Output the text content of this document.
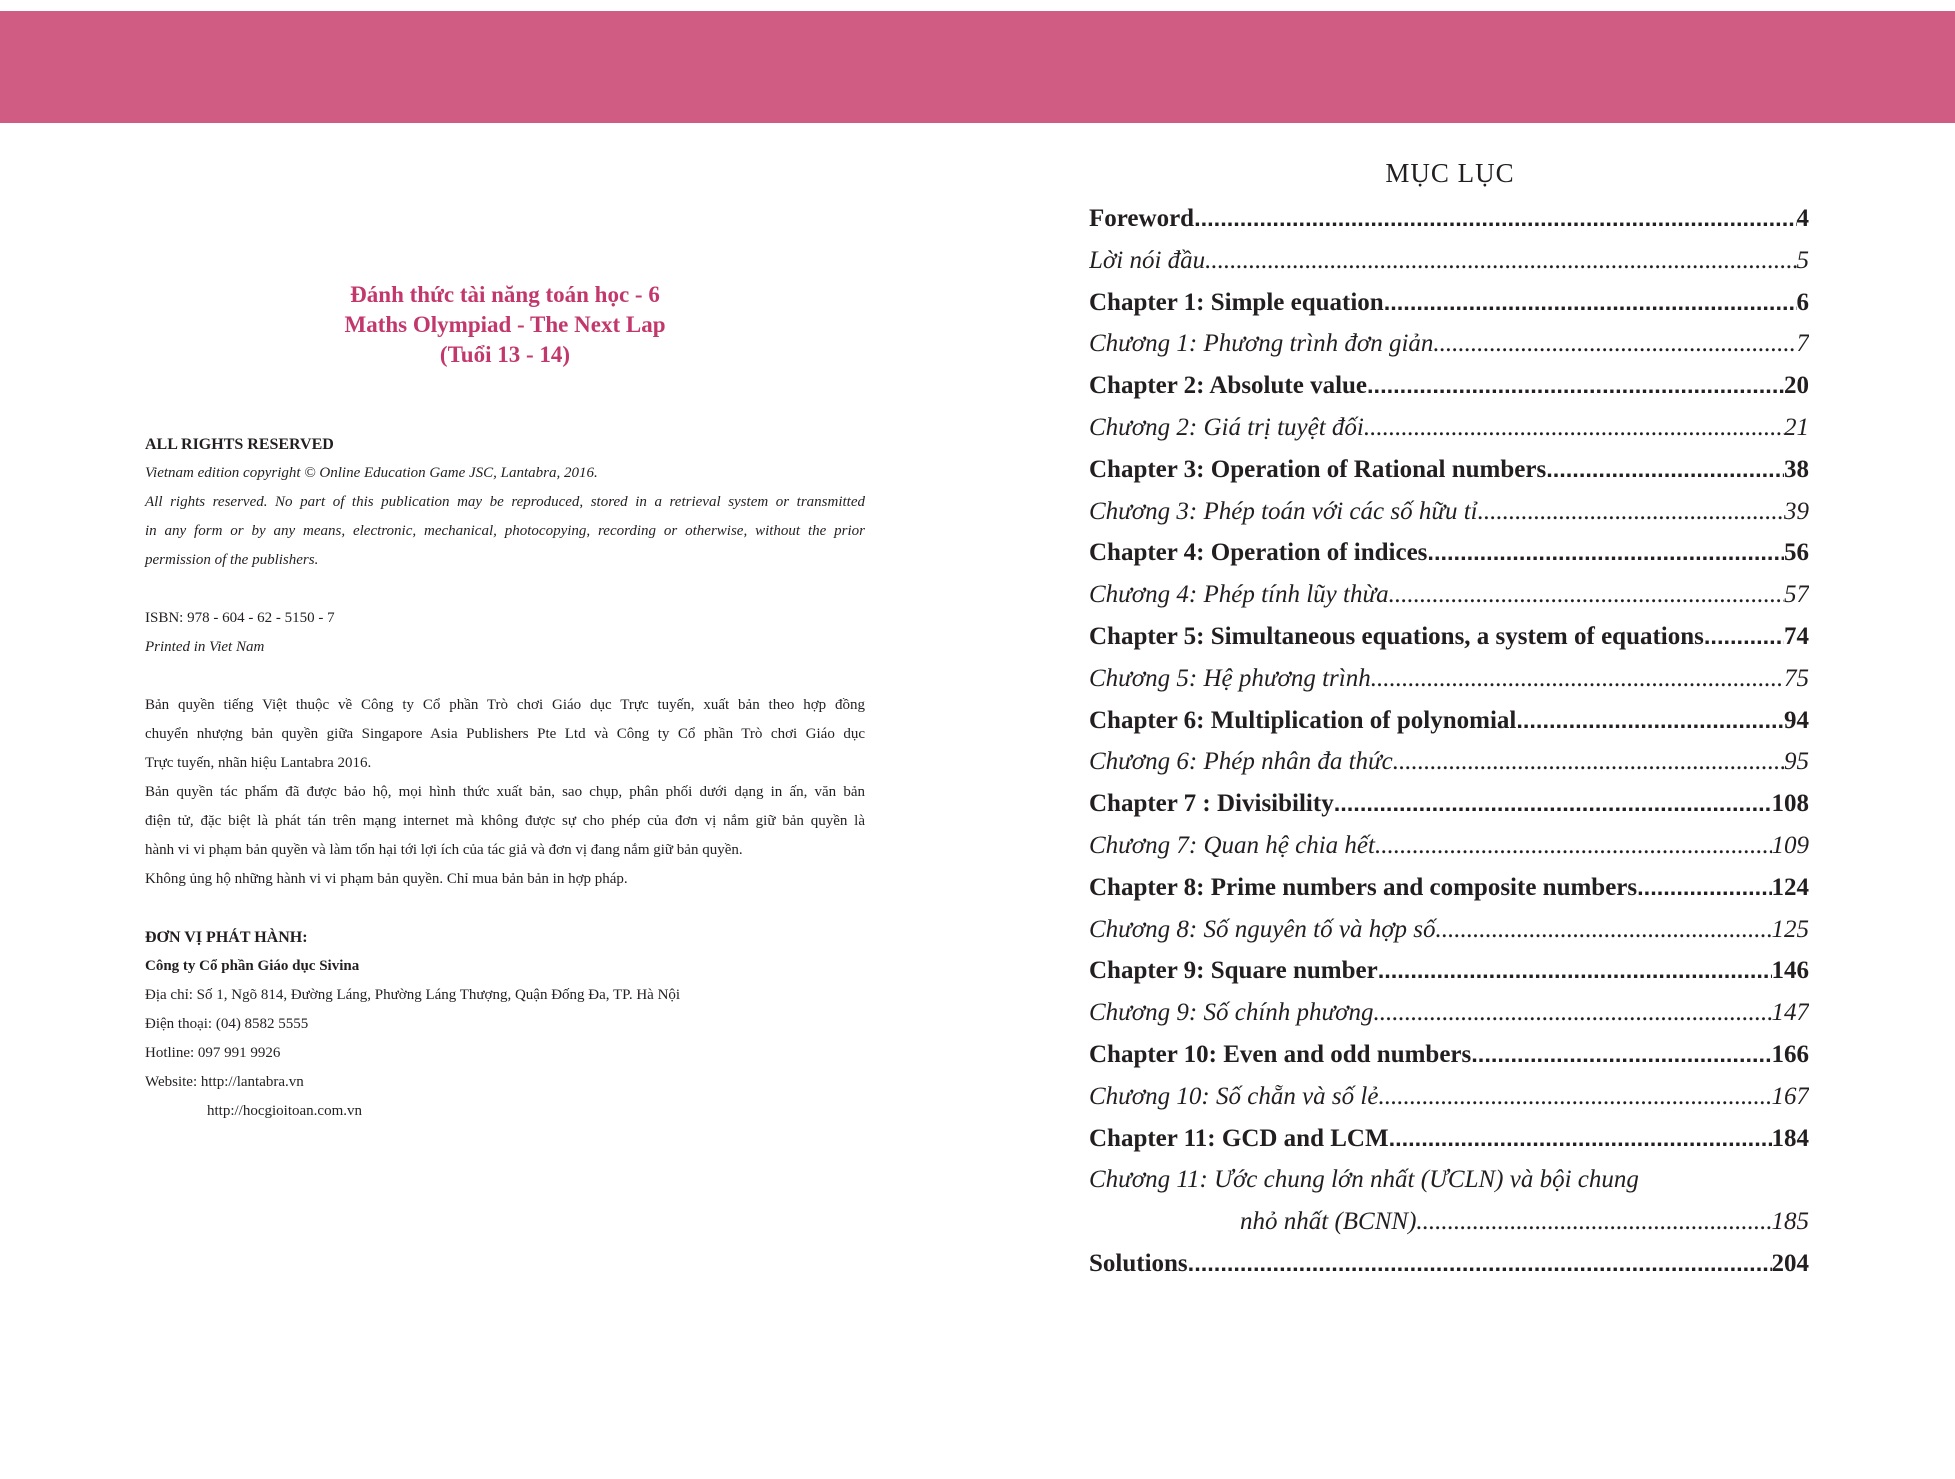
Đánh thức tài năng toán học - 6
Maths Olympiad - The Next Lap
(Tuổi 13 - 14)
ALL RIGHTS RESERVED
Vietnam edition copyright © Online Education Game JSC, Lantabra, 2016.
All rights reserved. No part of this publication may be reproduced, stored in a retrieval system or transmitted
in any form or by any means, electronic, mechanical, photocopying, recording or otherwise, without the prior
permission of the publishers.
ISBN: 978 - 604 - 62 - 5150 - 7
Printed in Viet Nam
Bản quyền tiếng Việt thuộc về Công ty Cổ phần Trò chơi Giáo dục Trực tuyến, xuất bản theo hợp đồng
chuyển nhượng bản quyền giữa Singapore Asia Publishers Pte Ltd và Công ty Cổ phần Trò chơi Giáo dục
Trực tuyến, nhãn hiệu Lantabra 2016.
Bản quyền tác phẩm đã được bảo hộ, mọi hình thức xuất bản, sao chụp, phân phối dưới dạng in ấn, văn bản
điện tử, đặc biệt là phát tán trên mạng internet mà không được sự cho phép của đơn vị nắm giữ bản quyền là
hành vi vi phạm bản quyền và làm tổn hại tới lợi ích của tác giả và đơn vị đang nắm giữ bản quyền.
Không ủng hộ những hành vi vi phạm bản quyền. Chỉ mua bản bản in hợp pháp.
ĐƠN VỊ PHÁT HÀNH:
Công ty Cổ phần Giáo dục Sivina
Địa chỉ: Số 1, Ngõ 814, Đường Láng, Phường Láng Thượng, Quận Đống Đa, TP. Hà Nội
Điện thoại: (04) 8582 5555
Hotline: 097 991 9926
Website: http://lantabra.vn
http://hocgioitoan.com.vn
MỤC LỤC
Foreword .....	4
Lời nói đầu .....	5
Chapter 1: Simple equation .....	6
Chương 1: Phương trình đơn giản .....	7
Chapter 2: Absolute value .....	20
Chương 2: Giá trị tuyệt đối .....	21
Chapter 3: Operation of Rational numbers .....	38
Chương 3: Phép toán với các số hữu tỉ .....	39
Chapter 4: Operation of indices .....	56
Chương 4: Phép tính lũy thừa .....	57
Chapter 5: Simultaneous equations, a system of equations .....	74
Chương 5: Hệ phương trình .....	75
Chapter 6: Multiplication of polynomial .....	94
Chương 6: Phép nhân đa thức .....	95
Chapter 7 : Divisibility .....	108
Chương 7: Quan hệ chia hết .....	109
Chapter 8: Prime numbers and composite numbers .....	124
Chương 8: Số nguyên tố và hợp số .....	125
Chapter 9: Square number .....	146
Chương 9: Số chính phương .....	147
Chapter 10: Even and odd numbers .....	166
Chương 10: Số chẵn và số lẻ .....	167
Chapter 11: GCD and LCM .....	184
Chương 11: Ước chung lớn nhất (ƯCLN) và bội chung
nhỏ nhất (BCNN) .....	185
Solutions .....	204
